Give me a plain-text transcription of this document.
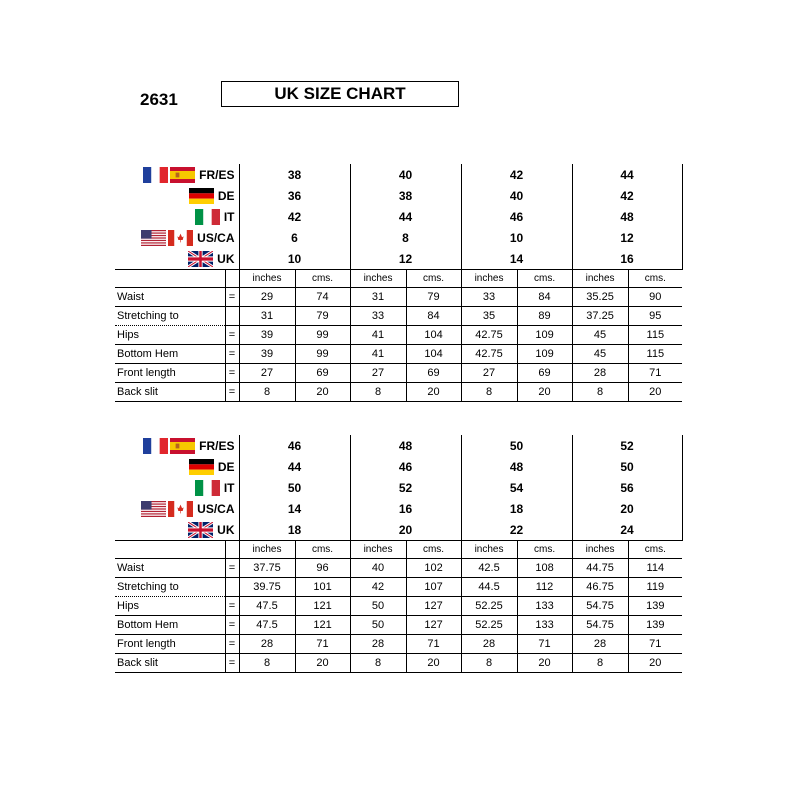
2631	UK SIZE CHART
FR/ES		38		40		42		44	

DE		36		38		40		42	

IT		42		44		46		48	

US/CA		6		8		10		12	

UK		10		12		14		16	
		inches	cms.	inches	cms.	inches	cms.	inches	cms.
Waist	=	29	74	31	79	33	84	35.25	90
Stretching to		31	79	33	84	35	89	37.25	95
Hips	=	39	99	41	104	42.75	109	45	115
Bottom Hem	=	39	99	41	104	42.75	109	45	115
Front length	=	27	69	27	69	27	69	28	71
Back slit	=	8	20	8	20	8	20	8	20
FR/ES		46		48		50		52	

DE		44		46		48		50	

IT		50		52		54		56	

US/CA		14		16		18		20	

UK		18		20		22		24	
		inches	cms.	inches	cms.	inches	cms.	inches	cms.
Waist	=	37.75	96	40	102	42.5	108	44.75	114
Stretching to		39.75	101	42	107	44.5	112	46.75	119
Hips	=	47.5	121	50	127	52.25	133	54.75	139
Bottom Hem	=	47.5	121	50	127	52.25	133	54.75	139
Front length	=	28	71	28	71	28	71	28	71
Back slit	=	8	20	8	20	8	20	8	20
